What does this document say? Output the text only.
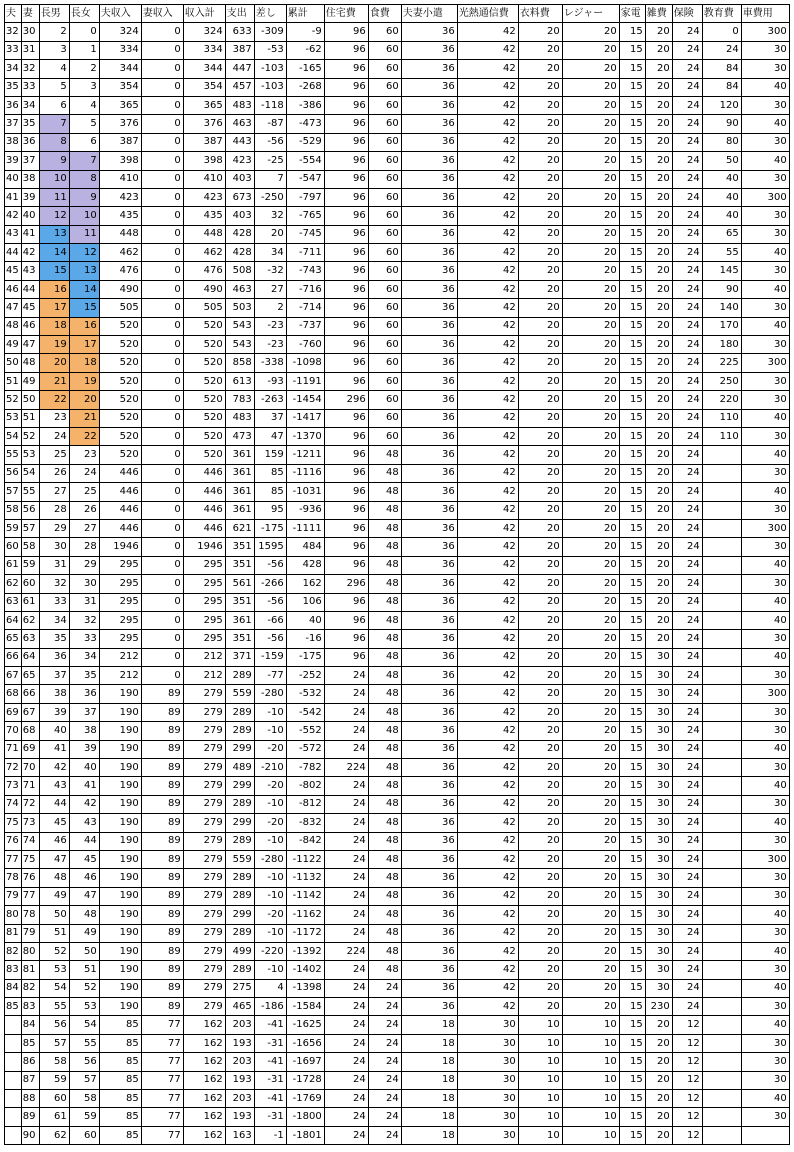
夫	妻	長男	長女	夫収入	妻収入	収入計	支出	差し	累計	住宅費	食費	夫妻小遣	光熱通信費	衣料費	レジャー	家電	雑費	保険	教育費	車費用
32	30	2	0	324	0	324	633	-309	-9	96	60	36	42	20	20	15	20	24	0	300
33	31	3	1	334	0	334	387	-53	-62	96	60	36	42	20	20	15	20	24	24	30
34	32	4	2	344	0	344	447	-103	-165	96	60	36	42	20	20	15	20	24	84	30
35	33	5	3	354	0	354	457	-103	-268	96	60	36	42	20	20	15	20	24	84	40
36	34	6	4	365	0	365	483	-118	-386	96	60	36	42	20	20	15	20	24	120	30
37	35	7	5	376	0	376	463	-87	-473	96	60	36	42	20	20	15	20	24	90	40
38	36	8	6	387	0	387	443	-56	-529	96	60	36	42	20	20	15	20	24	80	30
39	37	9	7	398	0	398	423	-25	-554	96	60	36	42	20	20	15	20	24	50	40
40	38	10	8	410	0	410	403	7	-547	96	60	36	42	20	20	15	20	24	40	30
41	39	11	9	423	0	423	673	-250	-797	96	60	36	42	20	20	15	20	24	40	300
42	40	12	10	435	0	435	403	32	-765	96	60	36	42	20	20	15	20	24	40	30
43	41	13	11	448	0	448	428	20	-745	96	60	36	42	20	20	15	20	24	65	30
44	42	14	12	462	0	462	428	34	-711	96	60	36	42	20	20	15	20	24	55	40
45	43	15	13	476	0	476	508	-32	-743	96	60	36	42	20	20	15	20	24	145	30
46	44	16	14	490	0	490	463	27	-716	96	60	36	42	20	20	15	20	24	90	40
47	45	17	15	505	0	505	503	2	-714	96	60	36	42	20	20	15	20	24	140	30
48	46	18	16	520	0	520	543	-23	-737	96	60	36	42	20	20	15	20	24	170	40
49	47	19	17	520	0	520	543	-23	-760	96	60	36	42	20	20	15	20	24	180	30
50	48	20	18	520	0	520	858	-338	-1098	96	60	36	42	20	20	15	20	24	225	300
51	49	21	19	520	0	520	613	-93	-1191	96	60	36	42	20	20	15	20	24	250	30
52	50	22	20	520	0	520	783	-263	-1454	296	60	36	42	20	20	15	20	24	220	30
53	51	23	21	520	0	520	483	37	-1417	96	60	36	42	20	20	15	20	24	110	40
54	52	24	22	520	0	520	473	47	-1370	96	60	36	42	20	20	15	20	24	110	30
55	53	25	23	520	0	520	361	159	-1211	96	48	36	42	20	20	15	20	24		40
56	54	26	24	446	0	446	361	85	-1116	96	48	36	42	20	20	15	20	24		30
57	55	27	25	446	0	446	361	85	-1031	96	48	36	42	20	20	15	20	24		40
58	56	28	26	446	0	446	361	95	-936	96	48	36	42	20	20	15	20	24		30
59	57	29	27	446	0	446	621	-175	-1111	96	48	36	42	20	20	15	20	24		300
60	58	30	28	1946	0	1946	351	1595	484	96	48	36	42	20	20	15	20	24		30
61	59	31	29	295	0	295	351	-56	428	96	48	36	42	20	20	15	20	24		40
62	60	32	30	295	0	295	561	-266	162	296	48	36	42	20	20	15	20	24		30
63	61	33	31	295	0	295	351	-56	106	96	48	36	42	20	20	15	20	24		40
64	62	34	32	295	0	295	361	-66	40	96	48	36	42	20	20	15	20	24		40
65	63	35	33	295	0	295	351	-56	-16	96	48	36	42	20	20	15	20	24		30
66	64	36	34	212	0	212	371	-159	-175	96	48	36	42	20	20	15	30	24		40
67	65	37	35	212	0	212	289	-77	-252	24	48	36	42	20	20	15	30	24		30
68	66	38	36	190	89	279	559	-280	-532	24	48	36	42	20	20	15	30	24		300
69	67	39	37	190	89	279	289	-10	-542	24	48	36	42	20	20	15	30	24		30
70	68	40	38	190	89	279	289	-10	-552	24	48	36	42	20	20	15	30	24		30
71	69	41	39	190	89	279	299	-20	-572	24	48	36	42	20	20	15	30	24		40
72	70	42	40	190	89	279	489	-210	-782	224	48	36	42	20	20	15	30	24		30
73	71	43	41	190	89	279	299	-20	-802	24	48	36	42	20	20	15	30	24		40
74	72	44	42	190	89	279	289	-10	-812	24	48	36	42	20	20	15	30	24		30
75	73	45	43	190	89	279	299	-20	-832	24	48	36	42	20	20	15	30	24		40
76	74	46	44	190	89	279	289	-10	-842	24	48	36	42	20	20	15	30	24		30
77	75	47	45	190	89	279	559	-280	-1122	24	48	36	42	20	20	15	30	24		300
78	76	48	46	190	89	279	289	-10	-1132	24	48	36	42	20	20	15	30	24		30
79	77	49	47	190	89	279	289	-10	-1142	24	48	36	42	20	20	15	30	24		30
80	78	50	48	190	89	279	299	-20	-1162	24	48	36	42	20	20	15	30	24		40
81	79	51	49	190	89	279	289	-10	-1172	24	48	36	42	20	20	15	30	24		30
82	80	52	50	190	89	279	499	-220	-1392	224	48	36	42	20	20	15	30	24		40
83	81	53	51	190	89	279	289	-10	-1402	24	48	36	42	20	20	15	30	24		30
84	82	54	52	190	89	279	275	4	-1398	24	24	36	42	20	20	15	30	24		40
85	83	55	53	190	89	279	465	-186	-1584	24	24	36	42	20	20	15	230	24		30
	84	56	54	85	77	162	203	-41	-1625	24	24	18	30	10	10	15	20	12		40
	85	57	55	85	77	162	193	-31	-1656	24	24	18	30	10	10	15	20	12		30
	86	58	56	85	77	162	203	-41	-1697	24	24	18	30	10	10	15	20	12		30
	87	59	57	85	77	162	193	-31	-1728	24	24	18	30	10	10	15	20	12		30
	88	60	58	85	77	162	203	-41	-1769	24	24	18	30	10	10	15	20	12		40
	89	61	59	85	77	162	193	-31	-1800	24	24	18	30	10	10	15	20	12		30
	90	62	60	85	77	162	163	-1	-1801	24	24	18	30	10	10	15	20	12		
